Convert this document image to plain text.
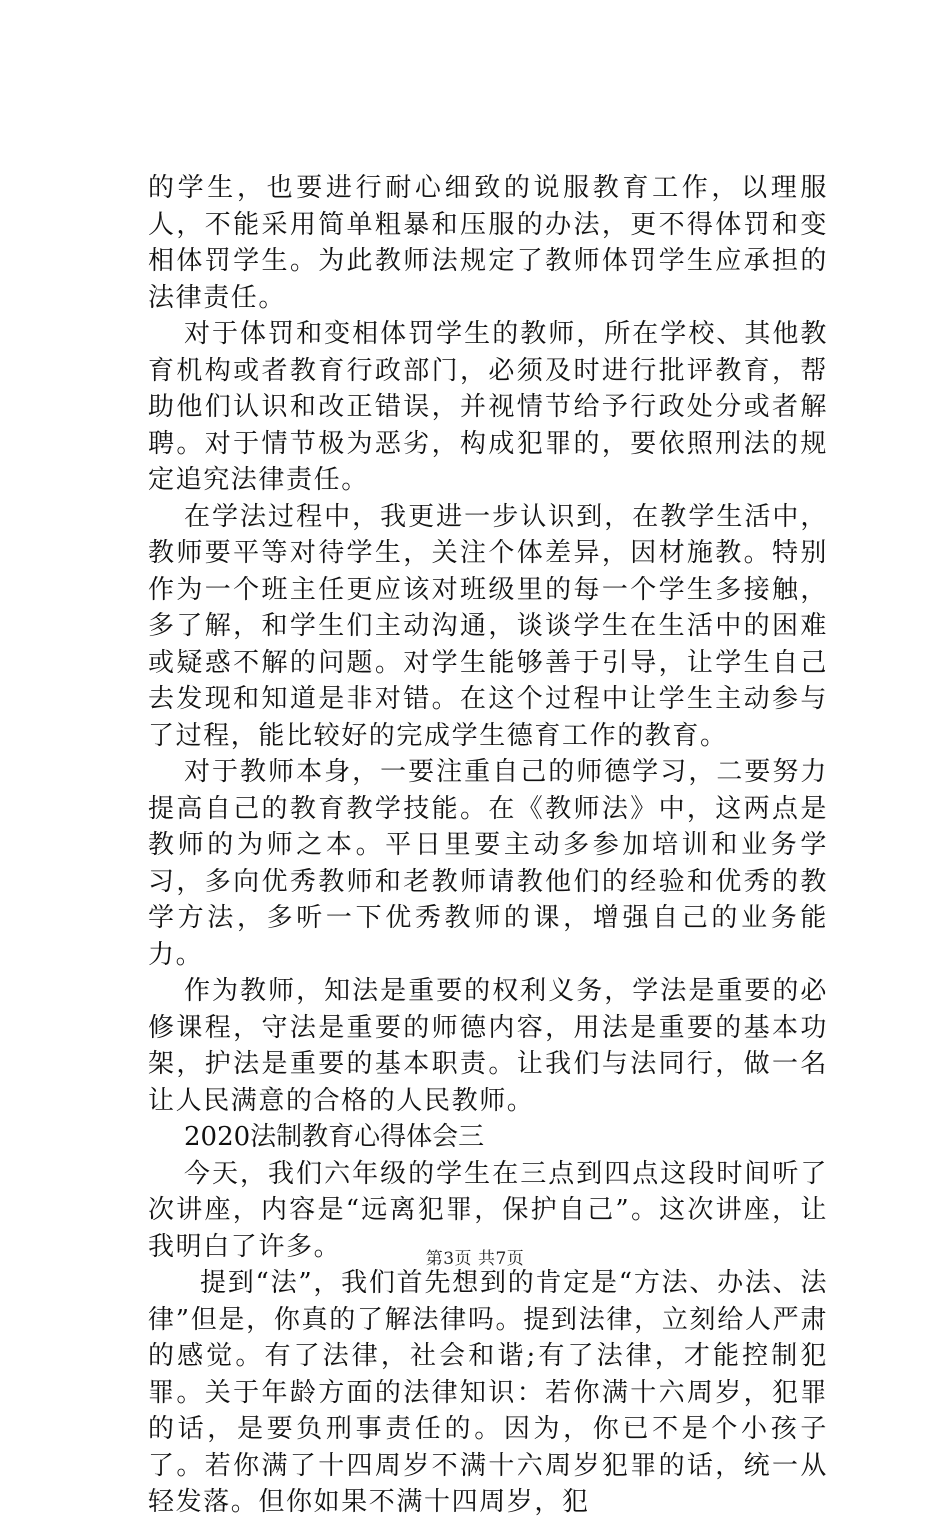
的学生，也要进行耐心细致的说服教育工作，以理服人，不能采用简单粗暴和压服的办法，更不得体罚和变相体罚学生。为此教师法规定了教师体罚学生应承担的法律责任。

对于体罚和变相体罚学生的教师，所在学校、其他教育机构或者教育行政部门，必须及时进行批评教育，帮助他们认识和改正错误，并视情节给予行政处分或者解聘。对于情节极为恶劣，构成犯罪的，要依照刑法的规定追究法律责任。

在学法过程中，我更进一步认识到，在教学生活中，教师要平等对待学生，关注个体差异，因材施教。特别作为一个班主任更应该对班级里的每一个学生多接触，多了解，和学生们主动沟通，谈谈学生在生活中的困难或疑惑不解的问题。对学生能够善于引导，让学生自己去发现和知道是非对错。在这个过程中让学生主动参与了过程，能比较好的完成学生德育工作的教育。

对于教师本身，一要注重自己的师德学习，二要努力提高自己的教育教学技能。在《教师法》中，这两点是教师的为师之本。平日里要主动多参加培训和业务学习，多向优秀教师和老教师请教他们的经验和优秀的教学方法，多听一下优秀教师的课，增强自己的业务能力。

作为教师，知法是重要的权利义务，学法是重要的必修课程，守法是重要的师德内容，用法是重要的基本功架，护法是重要的基本职责。让我们与法同行，做一名让人民满意的合格的人民教师。

2020法制教育心得体会三

今天，我们六年级的学生在三点到四点这段时间听了次讲座，内容是“远离犯罪，保护自己”。这次讲座，让我明白了许多。

提到“法”，我们首先想到的肯定是“方法、办法、法律”但是，你真的了解法律吗。提到法律，立刻给人严肃的感觉。有了法律，社会和谐;有了法律，才能控制犯罪。关于年龄方面的法律知识：若你满十六周岁，犯罪的话，是要负刑事责任的。因为，你已不是个小孩子了。若你满了十四周岁不满十六周岁犯罪的话，统一从轻发落。但你如果不满十四周岁，犯

第3页 共7页
